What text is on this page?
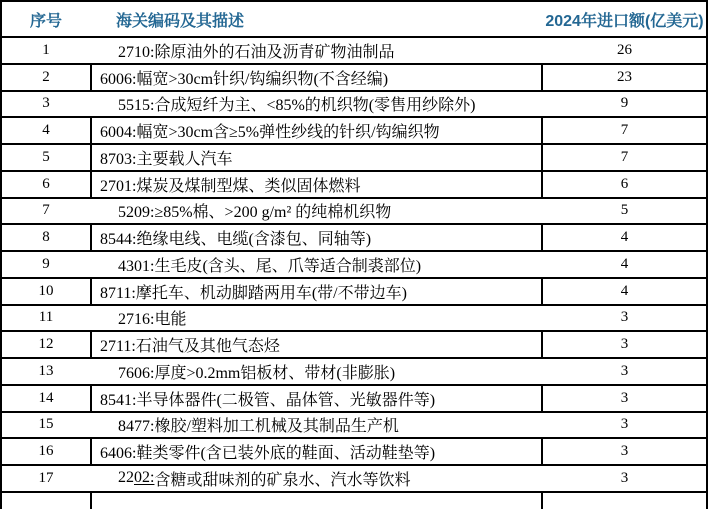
序号	海关编码及其描述	2024年进口额(亿美元)
1	2710:除原油外的石油及沥青矿物油制品	26
2	6006:幅宽>30cm针织/钩编织物(不含经编)	23
3	5515:合成短纤为主、<85%的机织物(零售用纱除外)	9
4	6004:幅宽>30cm含≥5%弹性纱线的针织/钩编织物	7
5	8703:主要载人汽车	7
6	2701:煤炭及煤制型煤、类似固体燃料	6
7	5209:≥85%棉、>200 g/m² 的纯棉机织物	5
8	8544:绝缘电线、电缆(含漆包、同轴等)	4
9	4301:生毛皮(含头、尾、爪等适合制裘部位)	4
10	8711:摩托车、机动脚踏两用车(带/不带边车)	4
11	2716:电能	3
12	2711:石油气及其他气态烃	3
13	7606:厚度>0.2mm铝板材、带材(非膨胀)	3
14	8541:半导体器件(二极管、晶体管、光敏器件等)	3
15	8477:橡胶/塑料加工机械及其制品生产机	3
16	6406:鞋类零件(含已装外底的鞋面、活动鞋垫等)	3
17	22 02: 含糖或甜味剂的矿泉水、汽水等饮料	3
